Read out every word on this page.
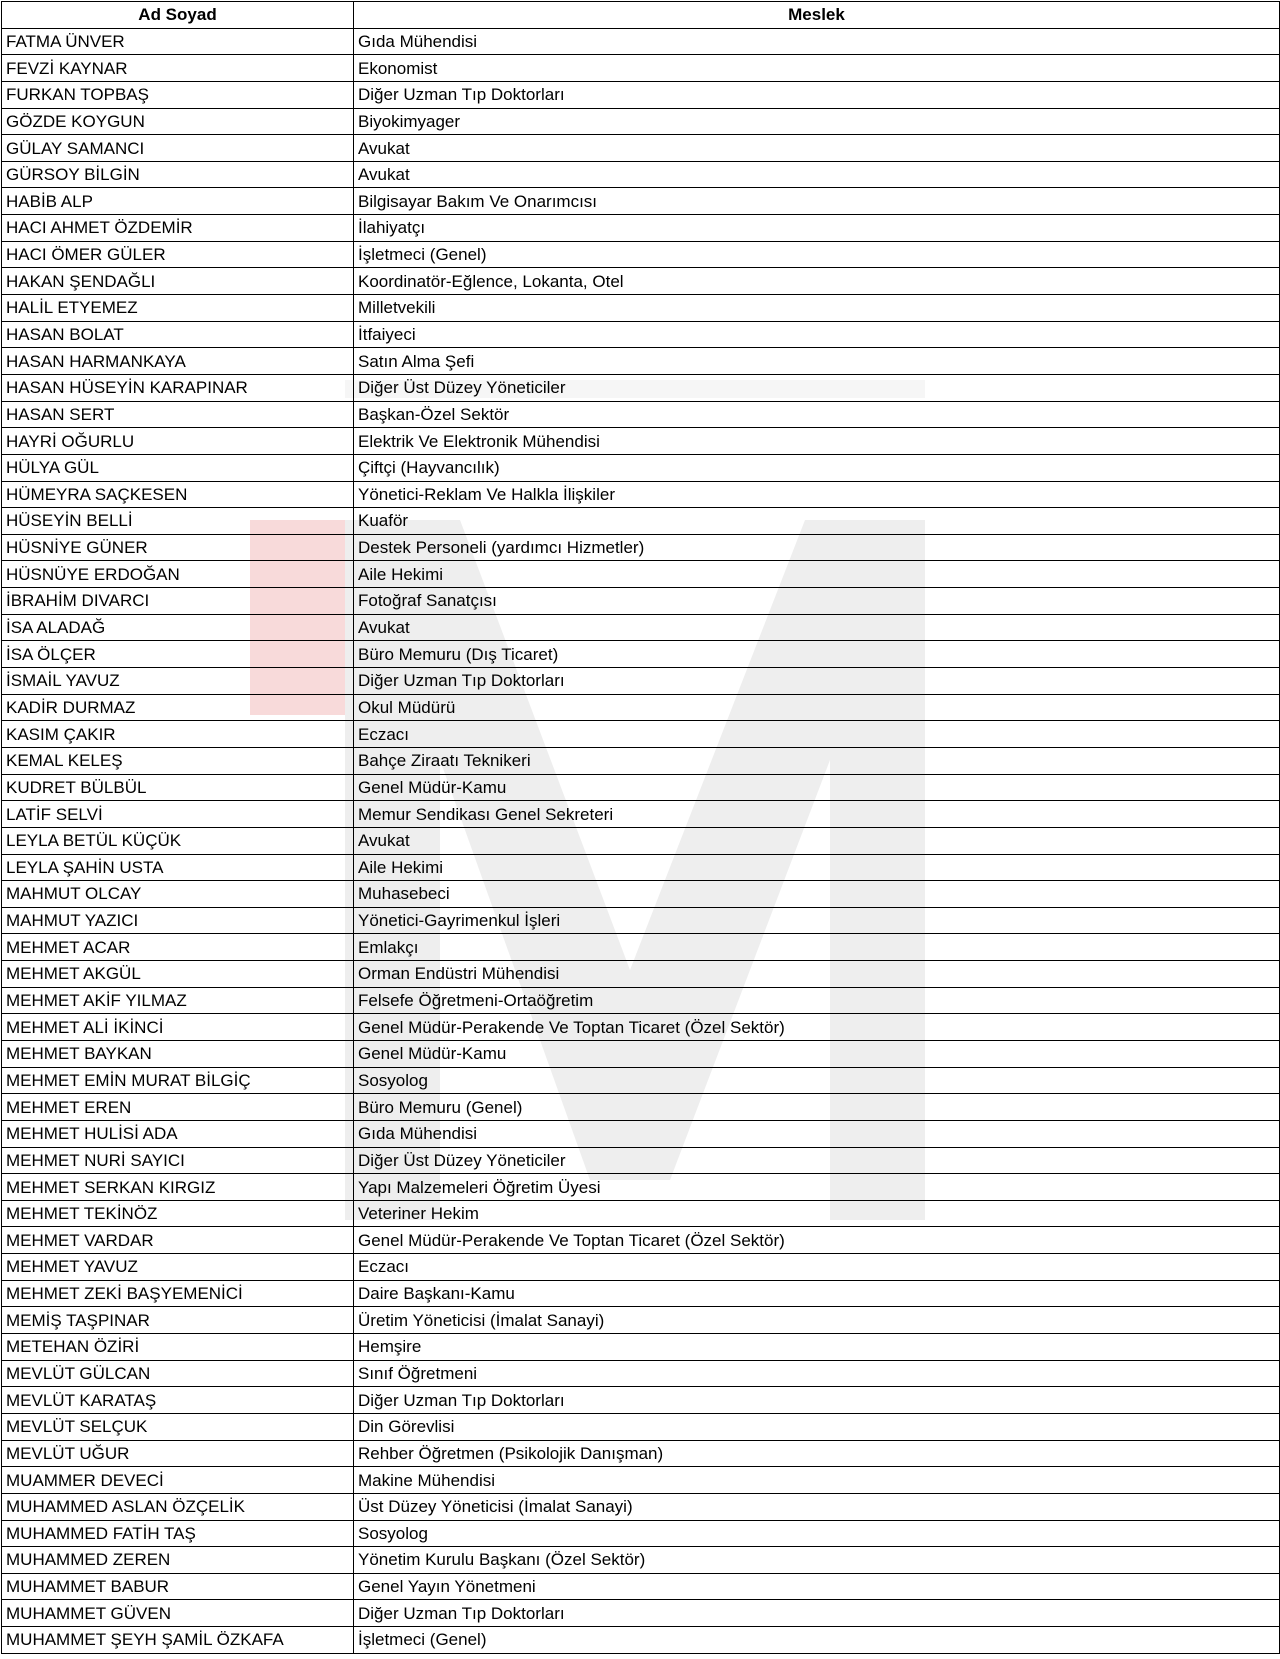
Ad Soyad	Meslek
FATMA ÜNVER	Gıda Mühendisi
FEVZİ KAYNAR	Ekonomist
FURKAN TOPBAŞ	Diğer Uzman Tıp Doktorları
GÖZDE KOYGUN	Biyokimyager
GÜLAY SAMANCI	Avukat
GÜRSOY BİLGİN	Avukat
HABİB ALP	Bilgisayar Bakım Ve Onarımcısı
HACI AHMET ÖZDEMİR	İlahiyatçı
HACI ÖMER GÜLER	İşletmeci (Genel)
HAKAN ŞENDAĞLI	Koordinatör-Eğlence, Lokanta, Otel
HALİL ETYEMEZ	Milletvekili
HASAN BOLAT	İtfaiyeci
HASAN HARMANKAYA	Satın Alma Şefi
HASAN HÜSEYİN KARAPINAR	Diğer Üst Düzey Yöneticiler
HASAN SERT	Başkan-Özel Sektör
HAYRİ OĞURLU	Elektrik Ve Elektronik Mühendisi
HÜLYA GÜL	Çiftçi (Hayvancılık)
HÜMEYRA SAÇKESEN	Yönetici-Reklam Ve Halkla İlişkiler
HÜSEYİN BELLİ	Kuaför
HÜSNİYE GÜNER	Destek Personeli (yardımcı Hizmetler)
HÜSNÜYE ERDOĞAN	Aile Hekimi
İBRAHİM DIVARCI	Fotoğraf Sanatçısı
İSA ALADAĞ	Avukat
İSA ÖLÇER	Büro Memuru (Dış Ticaret)
İSMAİL YAVUZ	Diğer Uzman Tıp Doktorları
KADİR DURMAZ	Okul Müdürü
KASIM ÇAKIR	Eczacı
KEMAL KELEŞ	Bahçe Ziraatı Teknikeri
KUDRET BÜLBÜL	Genel Müdür-Kamu
LATİF SELVİ	Memur Sendikası Genel Sekreteri
LEYLA BETÜL KÜÇÜK	Avukat
LEYLA ŞAHİN USTA	Aile Hekimi
MAHMUT OLCAY	Muhasebeci
MAHMUT YAZICI	Yönetici-Gayrimenkul İşleri
MEHMET ACAR	Emlakçı
MEHMET AKGÜL	Orman Endüstri Mühendisi
MEHMET AKİF YILMAZ	Felsefe Öğretmeni-Ortaöğretim
MEHMET ALİ İKİNCİ	Genel Müdür-Perakende Ve Toptan Ticaret (Özel Sektör)
MEHMET BAYKAN	Genel Müdür-Kamu
MEHMET EMİN MURAT BİLGİÇ	Sosyolog
MEHMET EREN	Büro Memuru (Genel)
MEHMET HULİSİ ADA	Gıda Mühendisi
MEHMET NURİ SAYICI	Diğer Üst Düzey Yöneticiler
MEHMET SERKAN KIRGIZ	Yapı Malzemeleri Öğretim Üyesi
MEHMET TEKİNÖZ	Veteriner Hekim
MEHMET VARDAR	Genel Müdür-Perakende Ve Toptan Ticaret (Özel Sektör)
MEHMET YAVUZ	Eczacı
MEHMET ZEKİ BAŞYEMENİCİ	Daire Başkanı-Kamu
MEMİŞ TAŞPINAR	Üretim Yöneticisi (İmalat Sanayi)
METEHAN ÖZİRİ	Hemşire
MEVLÜT GÜLCAN	Sınıf Öğretmeni
MEVLÜT KARATAŞ	Diğer Uzman Tıp Doktorları
MEVLÜT SELÇUK	Din Görevlisi
MEVLÜT UĞUR	Rehber Öğretmen (Psikolojik Danışman)
MUAMMER DEVECİ	Makine Mühendisi
MUHAMMED ASLAN ÖZÇELİK	Üst Düzey Yöneticisi (İmalat Sanayi)
MUHAMMED FATİH TAŞ	Sosyolog
MUHAMMED ZEREN	Yönetim Kurulu Başkanı (Özel Sektör)
MUHAMMET BABUR	Genel Yayın Yönetmeni
MUHAMMET GÜVEN	Diğer Uzman Tıp Doktorları
MUHAMMET ŞEYH ŞAMİL ÖZKAFA	İşletmeci (Genel)
